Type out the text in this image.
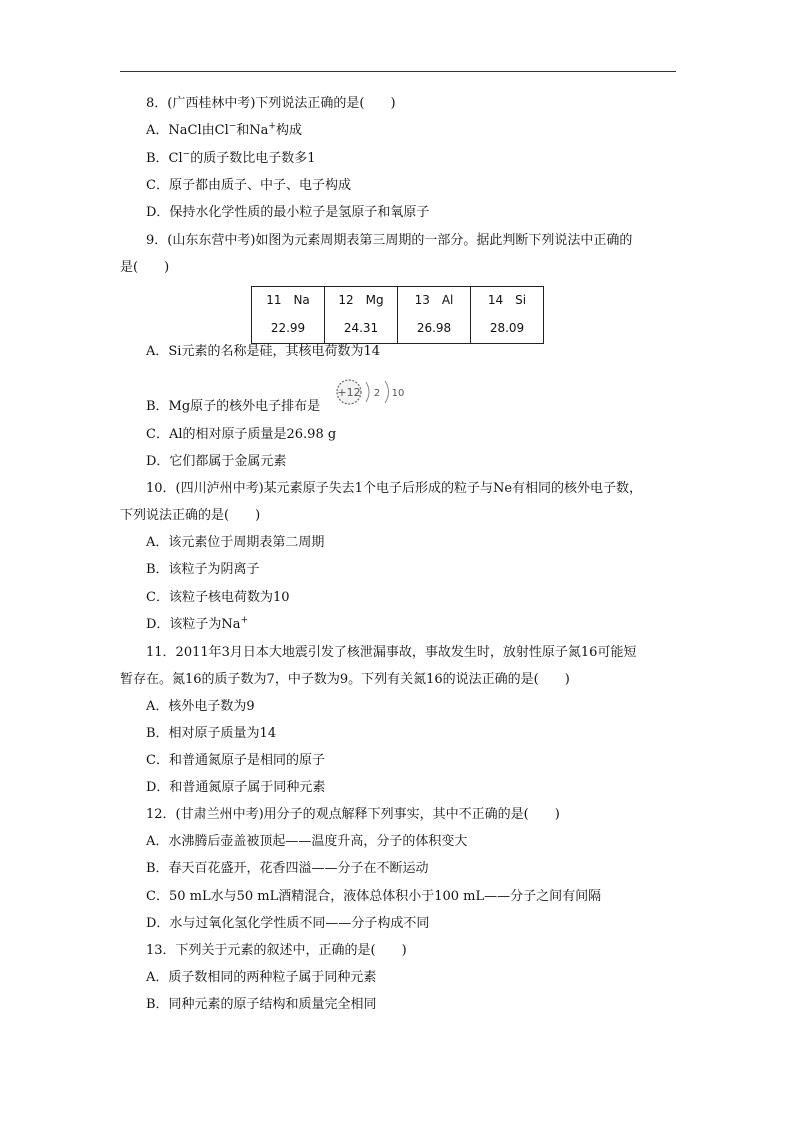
8．(广西桂林中考)下列说法正确的是(　　)
A．NaCl由Cl−和Na+构成
B．Cl−的质子数比电子数多1
C．原子都由质子、中子、电子构成
D．保持水化学性质的最小粒子是氢原子和氧原子
9．(山东东营中考)如图为元素周期表第三周期的一部分。据此判断下列说法中正确的
是(　　)
11　Na
22.99

12　Mg
24.31

13　Al
26.98

14　Si
28.09
A．Si元素的名称是硅，其核电荷数为14
B．Mg原子的核外电子排布是
+12 2 10
C．Al的相对原子质量是26.98 g
D．它们都属于金属元素
10．(四川泸州中考)某元素原子失去1个电子后形成的粒子与Ne有相同的核外电子数，
下列说法正确的是(　　)
A．该元素位于周期表第二周期
B．该粒子为阴离子
C．该粒子核电荷数为10
D．该粒子为Na+
11．2011年3月日本大地震引发了核泄漏事故，事故发生时，放射性原子氮16可能短
暂存在。氮16的质子数为7，中子数为9。下列有关氮16的说法正确的是(　　)
A．核外电子数为9
B．相对原子质量为14
C．和普通氮原子是相同的原子
D．和普通氮原子属于同种元素
12．(甘肃兰州中考)用分子的观点解释下列事实，其中不正确的是(　　)
A．水沸腾后壶盖被顶起——温度升高，分子的体积变大
B．春天百花盛开，花香四溢——分子在不断运动
C．50 mL水与50 mL酒精混合，液体总体积小于100 mL——分子之间有间隔
D．水与过氧化氢化学性质不同——分子构成不同
13．下列关于元素的叙述中，正确的是(　　)
A．质子数相同的两种粒子属于同种元素
B．同种元素的原子结构和质量完全相同
